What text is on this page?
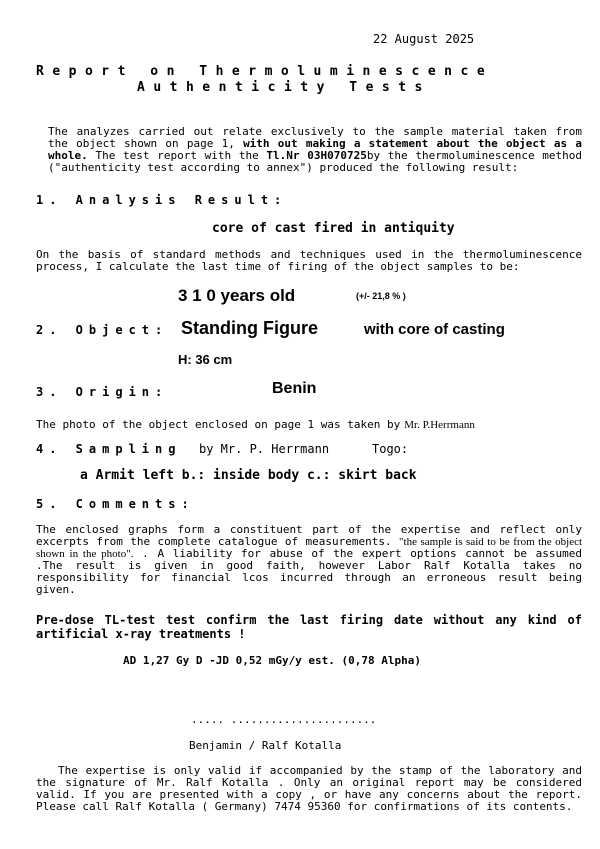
22 August 2025
Report on Thermoluminescence
Authenticity Tests
The analyzes carried out relate exclusively to the sample material taken from the object shown on page 1, with out making a statement about the object as a whole. The test report with the Tl.Nr 03H070725by the thermoluminescence method ("authenticity test according to annex") produced the following result:
1. Analysis Result:
core of cast fired in antiquity
On the basis of standard methods and techniques used in the thermoluminescence process, I calculate the last time of firing of the object samples to be:
3 1 0 years old	(+/- 21,8 % )
2. Object: Standing Figure	with core of casting
H: 36 cm
3. Origin:	Benin
The photo of the object enclosed on page 1 was taken by Mr. P.Herrmann
4. Sampling by Mr. P. Herrmann	Togo:
a Armit left b.: inside body c.: skirt back
5. Comments:
The enclosed graphs form a constituent part of the expertise and reflect only excerpts from the complete catalogue of measurements. "the sample is said to be from the object shown in the photo". . A liability for abuse of the expert options cannot be assumed .The result is given in good faith, however Labor Ralf Kotalla takes no responsibility for financial lcos incurred through an erroneous result being given.
Pre-dose TL-test test confirm the last firing date without any kind of artificial x-ray treatments !
AD 1,27 Gy D -JD 0,52 mGy/y est. (0,78 Alpha)
..... ......................
Benjamin / Ralf Kotalla
The expertise is only valid if accompanied by the stamp of the laboratory and the signature of Mr. Ralf Kotalla . Only an original report may be considered valid. If you are presented with a copy , or have any concerns about the report. Please call Ralf Kotalla ( Germany) 7474 95360 for confirmations of its contents.
